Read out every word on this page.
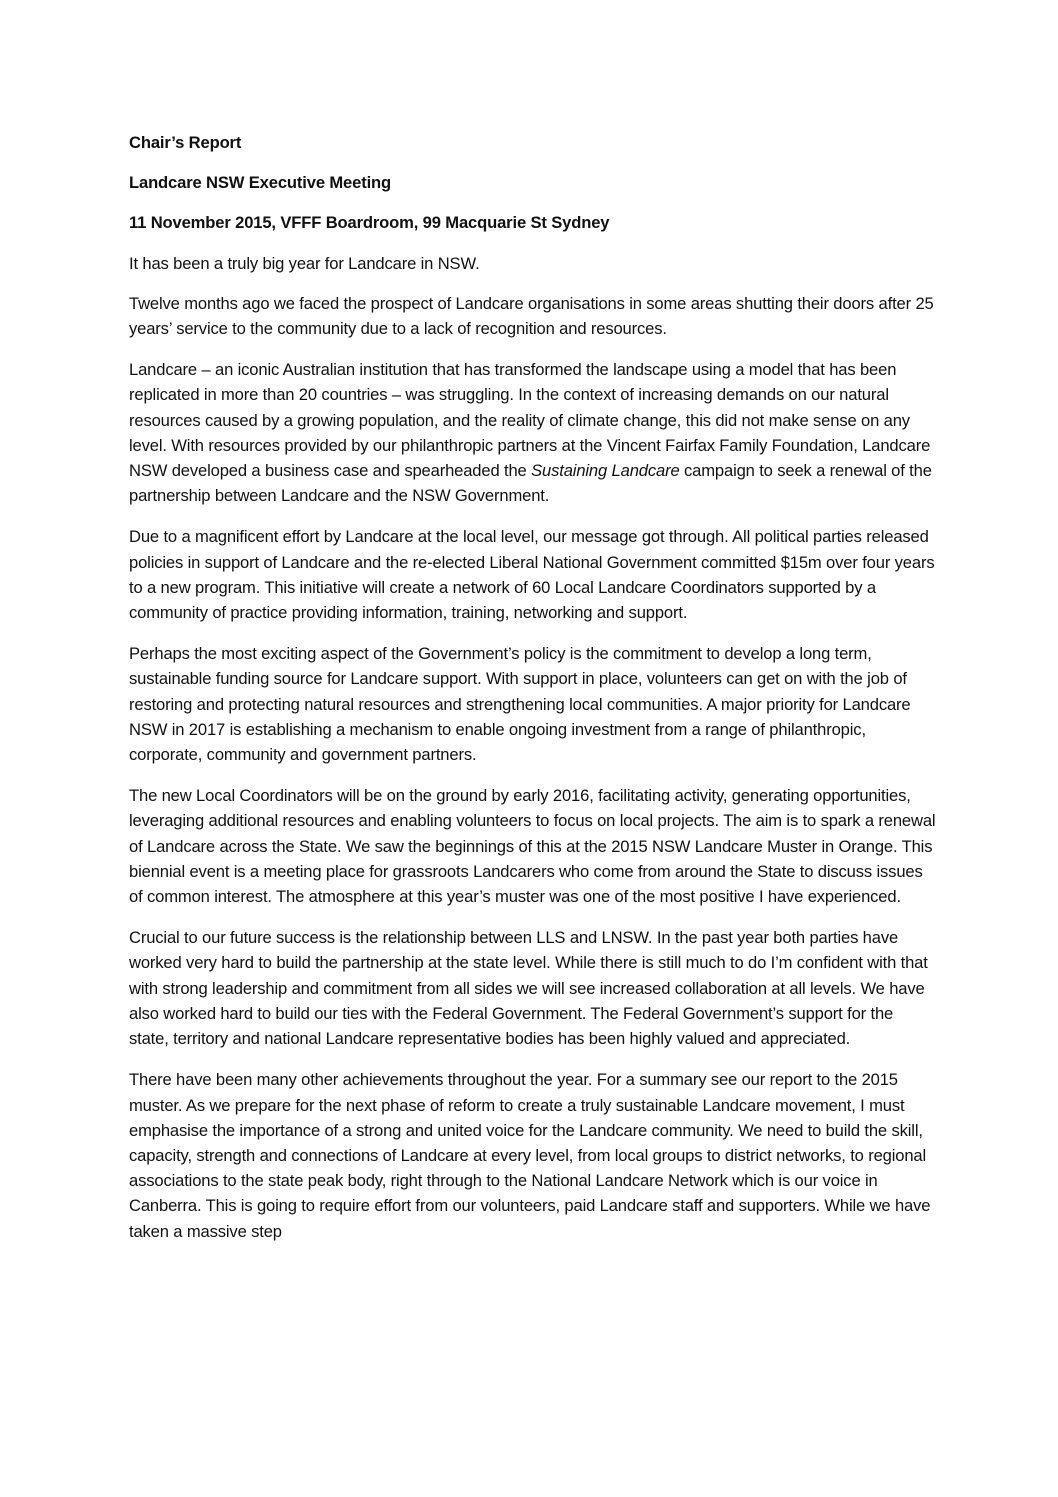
Chair’s Report
Landcare NSW Executive Meeting
11 November 2015, VFFF Boardroom, 99 Macquarie St Sydney

It has been a truly big year for Landcare in NSW.

Twelve months ago we faced the prospect of Landcare organisations in some areas shutting their doors after 25 years’ service to the community due to a lack of recognition and resources.

Landcare – an iconic Australian institution that has transformed the landscape using a model that has been replicated in more than 20 countries – was struggling. In the context of increasing demands on our natural resources caused by a growing population, and the reality of climate change, this did not make sense on any level. With resources provided by our philanthropic partners at the Vincent Fairfax Family Foundation, Landcare NSW developed a business case and spearheaded the Sustaining Landcare campaign to seek a renewal of the partnership between Landcare and the NSW Government.

Due to a magnificent effort by Landcare at the local level, our message got through. All political parties released policies in support of Landcare and the re-elected Liberal National Government committed $15m over four years to a new program. This initiative will create a network of 60 Local Landcare Coordinators supported by a community of practice providing information, training, networking and support.

Perhaps the most exciting aspect of the Government’s policy is the commitment to develop a long term, sustainable funding source for Landcare support. With support in place, volunteers can get on with the job of restoring and protecting natural resources and strengthening local communities. A major priority for Landcare NSW in 2017 is establishing a mechanism to enable ongoing investment from a range of philanthropic, corporate, community and government partners.

The new Local Coordinators will be on the ground by early 2016, facilitating activity, generating opportunities, leveraging additional resources and enabling volunteers to focus on local projects. The aim is to spark a renewal of Landcare across the State. We saw the beginnings of this at the 2015 NSW Landcare Muster in Orange. This biennial event is a meeting place for grassroots Landcarers who come from around the State to discuss issues of common interest. The atmosphere at this year’s muster was one of the most positive I have experienced.

Crucial to our future success is the relationship between LLS and LNSW. In the past year both parties have worked very hard to build the partnership at the state level. While there is still much to do I’m confident with that with strong leadership and commitment from all sides we will see increased collaboration at all levels. We have also worked hard to build our ties with the Federal Government. The Federal Government’s support for the state, territory and national Landcare representative bodies has been highly valued and appreciated.

There have been many other achievements throughout the year. For a summary see our report to the 2015 muster. As we prepare for the next phase of reform to create a truly sustainable Landcare movement, I must emphasise the importance of a strong and united voice for the Landcare community. We need to build the skill, capacity, strength and connections of Landcare at every level, from local groups to district networks, to regional associations to the state peak body, right through to the National Landcare Network which is our voice in Canberra. This is going to require effort from our volunteers, paid Landcare staff and supporters. While we have taken a massive step
